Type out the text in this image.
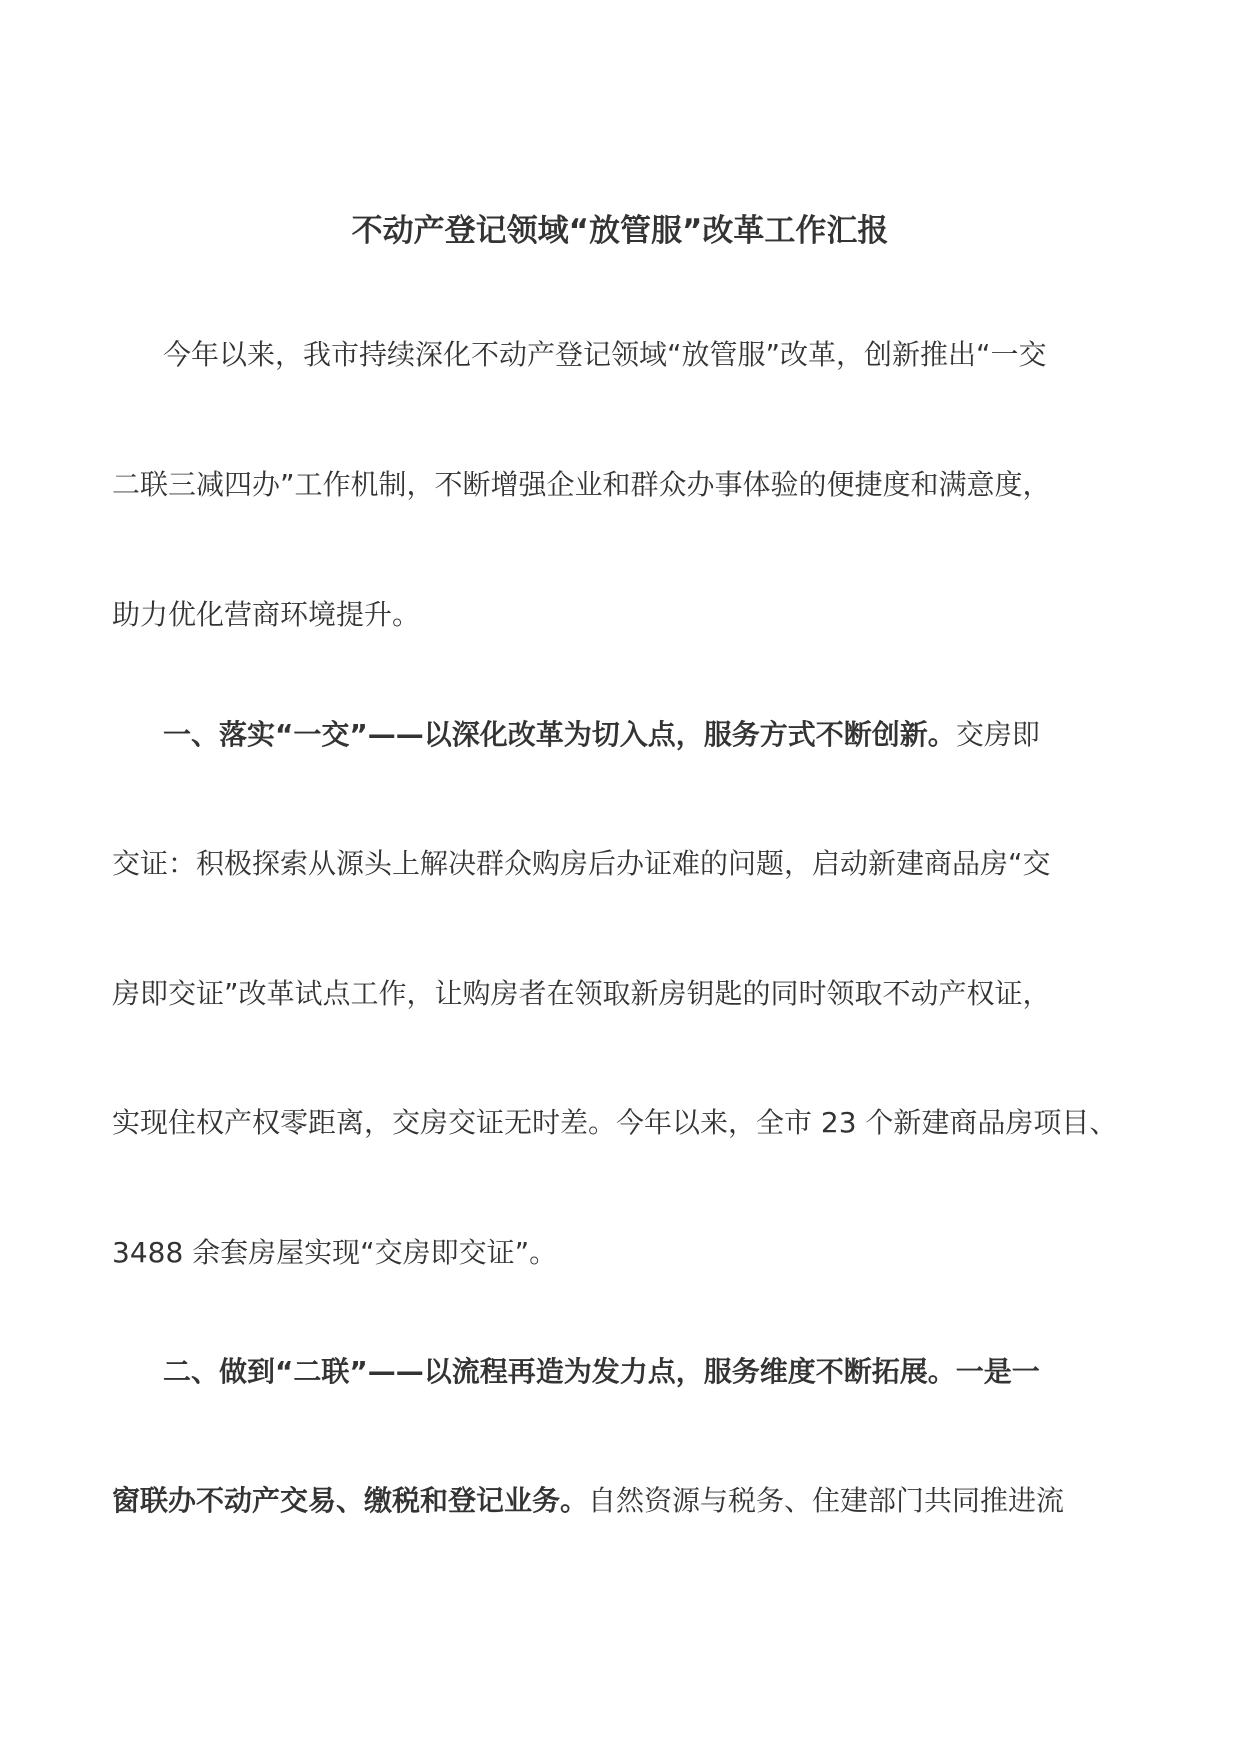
不动产登记领域“放管服”改革工作汇报
今年以来，我市持续深化不动产登记领域“放管服”改革，创新推出“一交
二联三减四办”工作机制，不断增强企业和群众办事体验的便捷度和满意度，
助力优化营商环境提升。
一、落实“一交”——以深化改革为切入点，服务方式不断创新。交房即
交证：积极探索从源头上解决群众购房后办证难的问题，启动新建商品房“交
房即交证”改革试点工作，让购房者在领取新房钥匙的同时领取不动产权证，
实现住权产权零距离，交房交证无时差。今年以来，全市 23 个新建商品房项目、
3488 余套房屋实现“交房即交证”。
二、做到“二联”——以流程再造为发力点，服务维度不断拓展。一是一
窗联办不动产交易、缴税和登记业务。自然资源与税务、住建部门共同推进流
